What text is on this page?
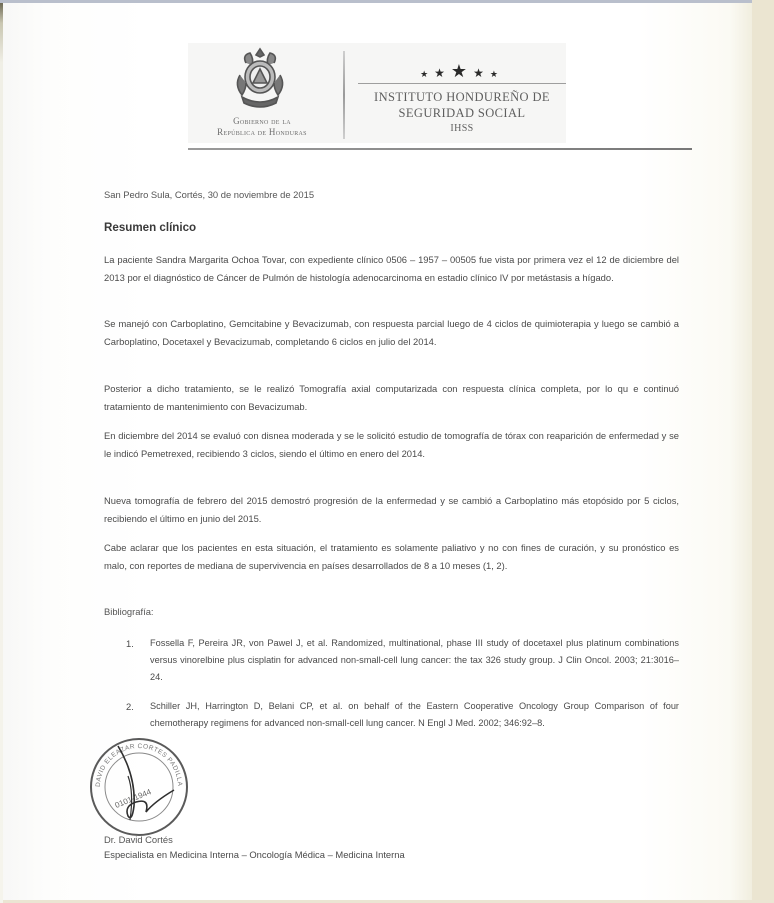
Gobierno de la
República de Honduras
★★★★★
INSTITUTO HONDUREÑO DE
SEGURIDAD SOCIAL
IHSS
San Pedro Sula, Cortés, 30 de noviembre de 2015
Resumen clínico
La paciente Sandra Margarita Ochoa Tovar, con expediente clínico 0506 – 1957 – 00505 fue vista por primera vez el 12 de diciembre del 2013 por el diagnóstico de Cáncer de Pulmón de histología adenocarcinoma en estadio clínico IV por metástasis a hígado.
Se manejó con Carboplatino, Gemcitabine y Bevacizumab, con respuesta parcial luego de 4 ciclos de quimioterapia y luego se cambió a Carboplatino, Docetaxel y Bevacizumab, completando 6 ciclos en julio del 2014.
Posterior a dicho tratamiento, se le realizó Tomografía axial computarizada con respuesta clínica completa, por lo qu e continuó tratamiento de mantenimiento con Bevacizumab.
En diciembre del 2014 se evaluó con disnea moderada y se le solicitó estudio de tomografía de tórax con reaparición de enfermedad y se le indicó Pemetrexed, recibiendo 3 ciclos, siendo el último en enero del 2014.
Nueva tomografía de febrero del 2015 demostró progresión de la enfermedad y se cambió a Carboplatino más etopósido por 5 ciclos, recibiendo el último en junio del 2015.
Cabe aclarar que los pacientes en esta situación, el tratamiento es solamente paliativo y no con fines de curación, y su pronóstico es malo, con reportes de mediana de supervivencia en países desarrollados de 8 a 10 meses (1, 2).
Bibliografía:
1. Fossella F, Pereira JR, von Pawel J, et al. Randomized, multinational, phase III study of docetaxel plus platinum combinations versus vinorelbine plus cisplatin for advanced non-small-cell lung cancer: the tax 326 study group. J Clin Oncol. 2003; 21:3016–24.
2. Schiller JH, Harrington D, Belani CP, et al. on behalf of the Eastern Cooperative Oncology Group Comparison of four chemotherapy regimens for advanced non-small-cell lung cancer. N Engl J Med. 2002; 346:92–8.
DAVID ELEAZAR CORTES PADILLA
0101-1944
Dr. David Cortés
Especialista en Medicina Interna – Oncología Médica – Medicina Interna
